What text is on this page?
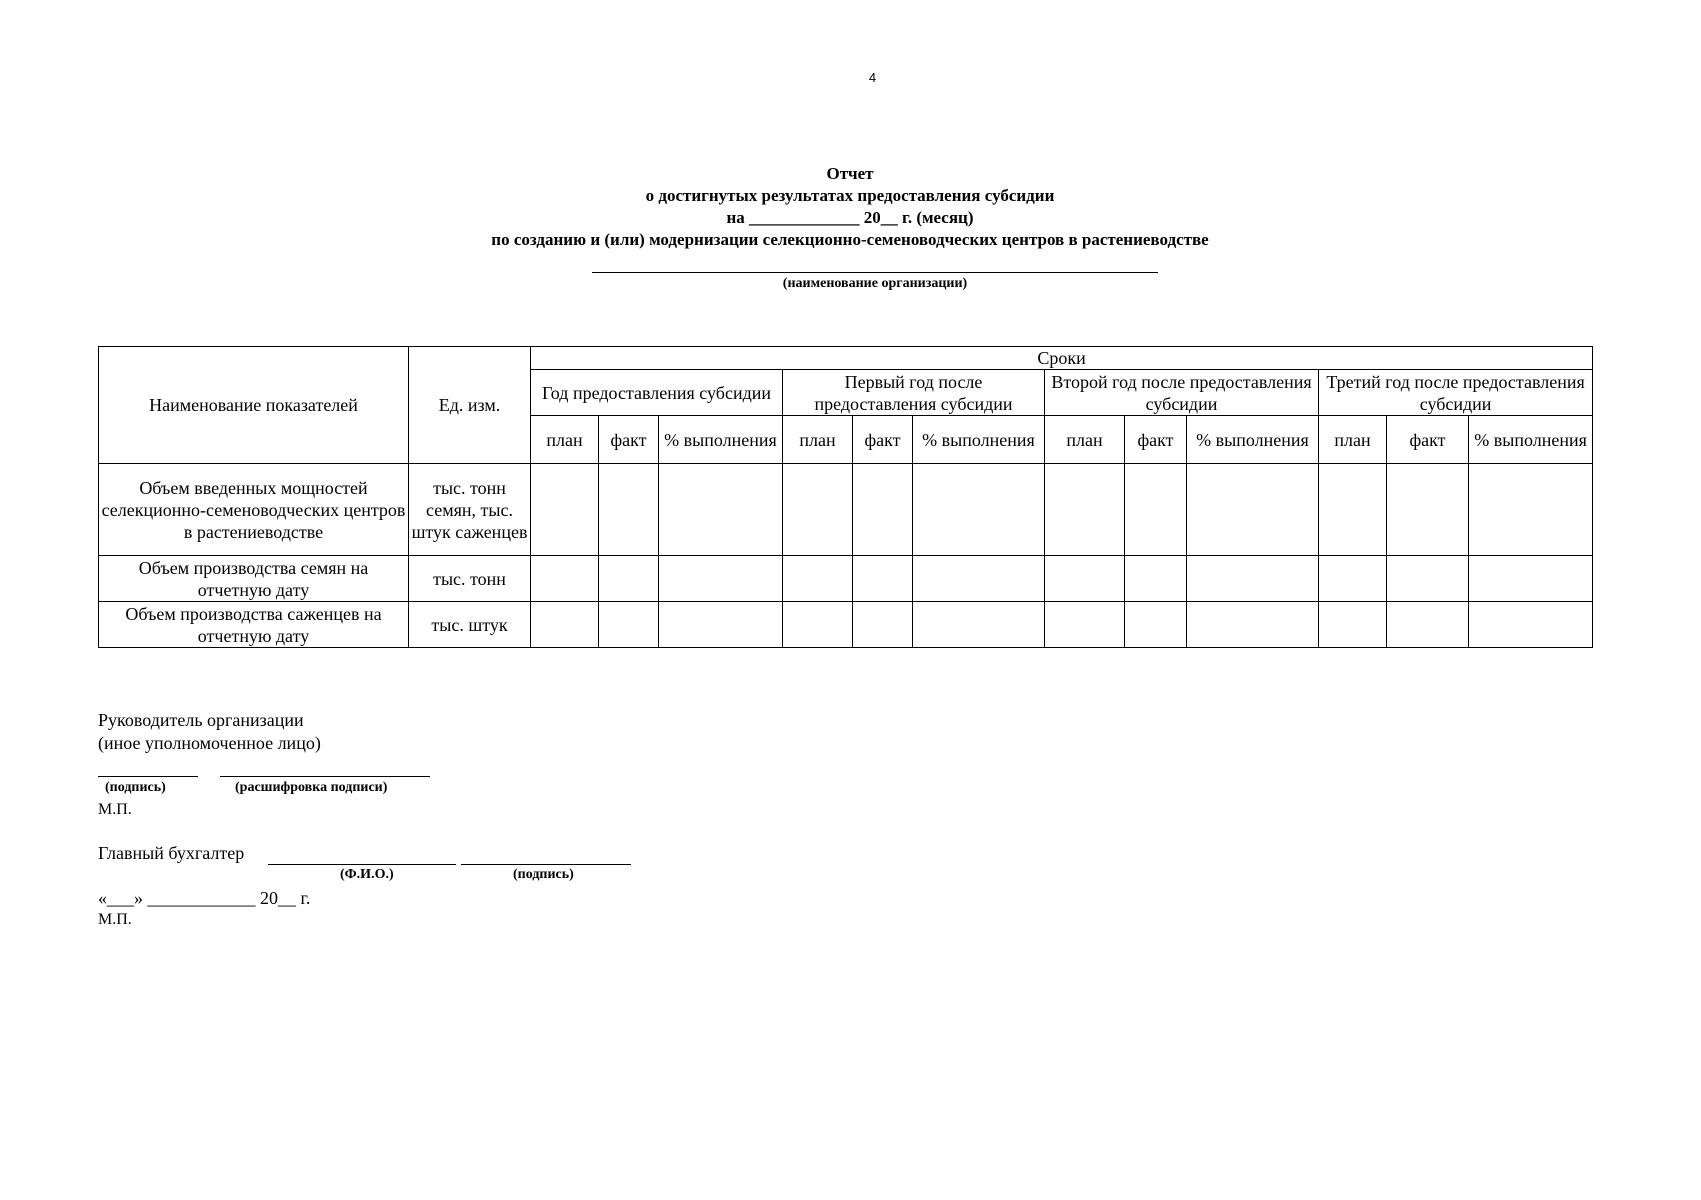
4
Отчет
о достигнутых результатах предоставления субсидии
на _____________ 20__ г. (месяц)
по созданию и (или) модернизации селекционно-семеноводческих центров в растениеводстве
(наименование организации)
Наименование показателей	Ед. изм.	Сроки											
		Год предоставления субсидии			Первый год после предоставления субсидии			Второй год после предоставления субсидии			Третий год после предоставления субсидии		
		план	факт	% выполнения	план	факт	% выполнения	план	факт	% выполнения	план	факт	% выполнения
Объем введенных мощностей селекционно-семеноводческих центров в растениеводстве	тыс. тонн семян, тыс. штук саженцев												
Объем производства семян на отчетную дату	тыс. тонн												
Объем производства саженцев на отчетную дату	тыс. штук												
Руководитель организации
(иное уполномоченное лицо)
(подпись)	(расшифровка подписи)
М.П.
Главный бухгалтер
(Ф.И.О.)	(подпись)
«___» ____________ 20__ г.
М.П.
